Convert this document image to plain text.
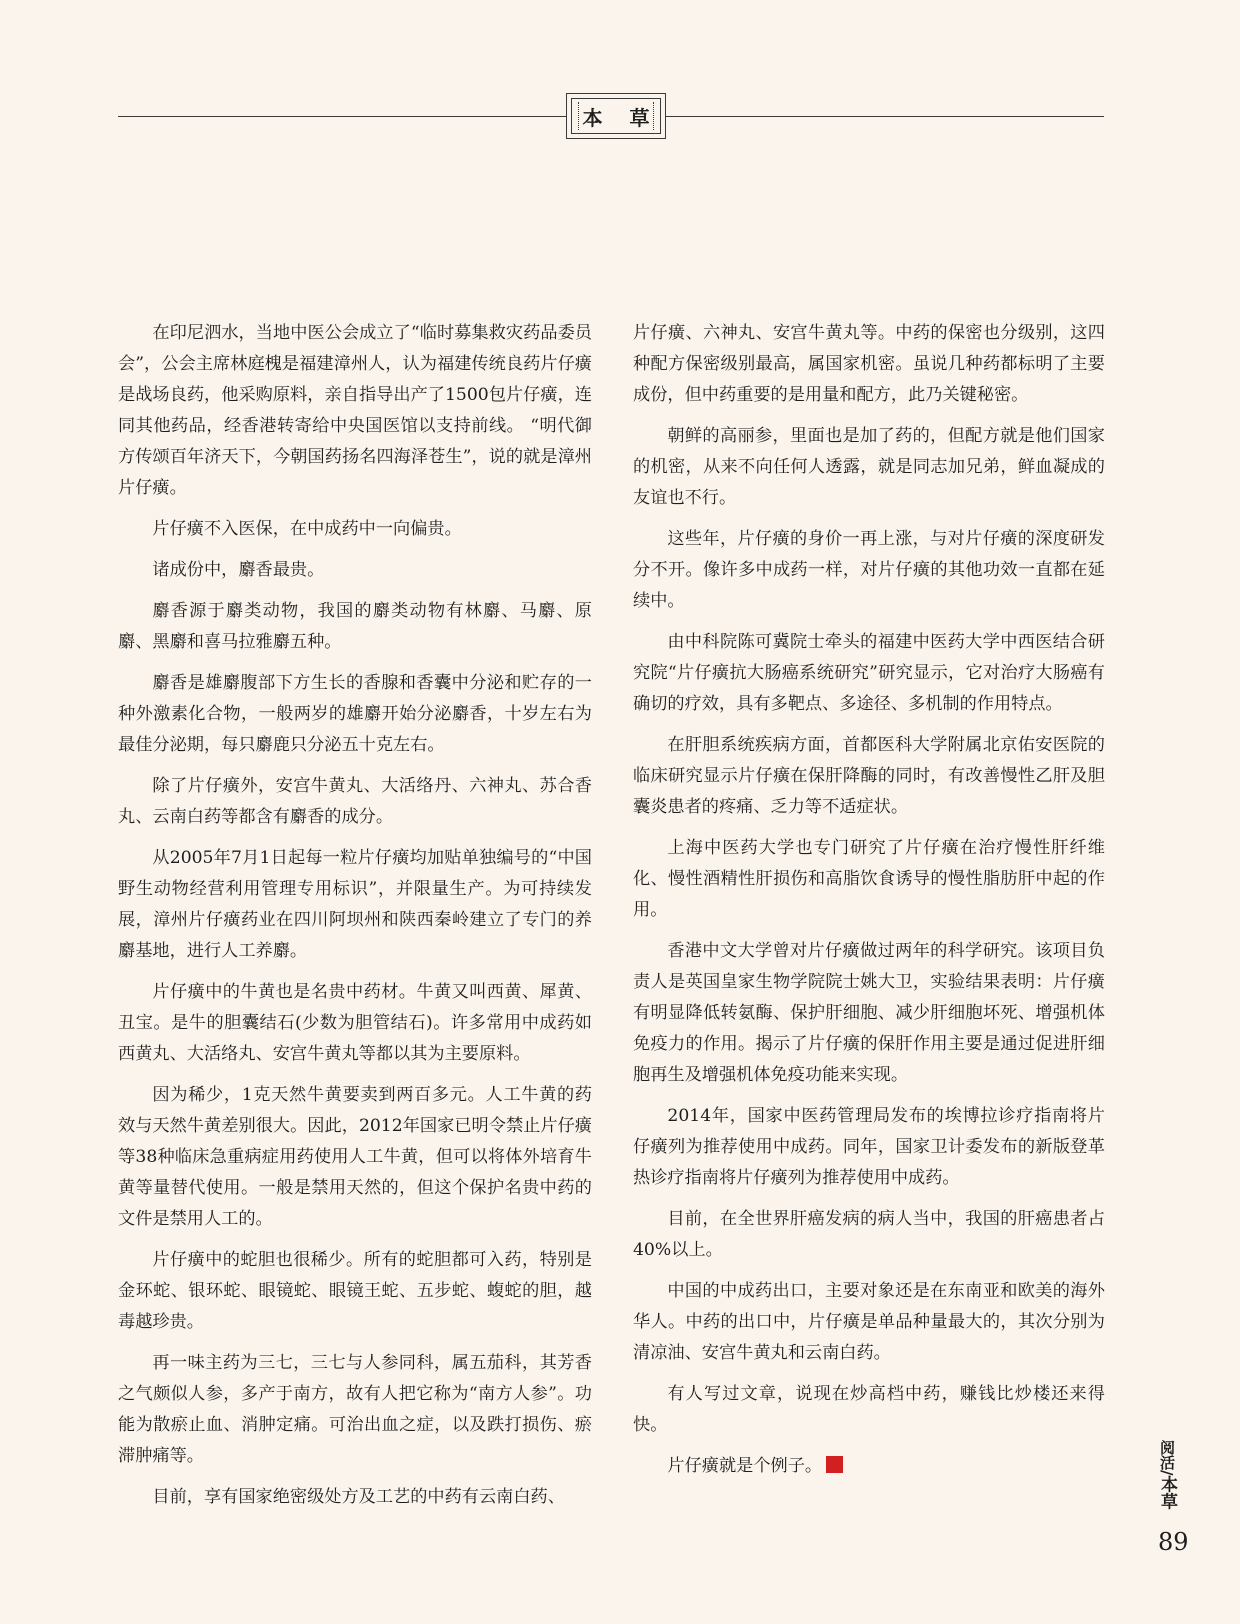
本 草

在印尼泗水，当地中医公会成立了“临时募集救灾药品委员会”，公会主席林庭槐是福建漳州人，认为福建传统良药片仔癀是战场良药，他采购原料，亲自指导出产了1500包片仔癀，连同其他药品，经香港转寄给中央国医馆以支持前线。 “明代御方传颂百年济天下，今朝国药扬名四海泽苍生”，说的就是漳州片仔癀。

片仔癀不入医保，在中成药中一向偏贵。

诸成份中，麝香最贵。

麝香源于麝类动物，我国的麝类动物有林麝、马麝、原麝、黑麝和喜马拉雅麝五种。

麝香是雄麝腹部下方生长的香腺和香囊中分泌和贮存的一种外激素化合物，一般两岁的雄麝开始分泌麝香，十岁左右为最佳分泌期，每只麝鹿只分泌五十克左右。

除了片仔癀外，安宫牛黄丸、大活络丹、六神丸、苏合香丸、云南白药等都含有麝香的成分。

从2005年7月1日起每一粒片仔癀均加贴单独编号的“中国野生动物经营利用管理专用标识”，并限量生产。为可持续发展，漳州片仔癀药业在四川阿坝州和陕西秦岭建立了专门的养麝基地，进行人工养麝。

片仔癀中的牛黄也是名贵中药材。牛黄又叫西黄、犀黄、丑宝。是牛的胆囊结石(少数为胆管结石)。许多常用中成药如西黄丸、大活络丸、安宫牛黄丸等都以其为主要原料。

因为稀少，1克天然牛黄要卖到两百多元。人工牛黄的药效与天然牛黄差别很大。因此，2012年国家已明令禁止片仔癀等38种临床急重病症用药使用人工牛黄，但可以将体外培育牛黄等量替代使用。一般是禁用天然的，但这个保护名贵中药的文件是禁用人工的。

片仔癀中的蛇胆也很稀少。所有的蛇胆都可入药，特别是金环蛇、银环蛇、眼镜蛇、眼镜王蛇、五步蛇、蝮蛇的胆，越毒越珍贵。

再一味主药为三七，三七与人参同科，属五茄科，其芳香之气颇似人参，多产于南方，故有人把它称为“南方人参”。功能为散瘀止血、消肿定痛。可治出血之症，以及跌打损伤、瘀滞肿痛等。

目前，享有国家绝密级处方及工艺的中药有云南白药、

片仔癀、六神丸、安宫牛黄丸等。中药的保密也分级别，这四种配方保密级别最高，属国家机密。虽说几种药都标明了主要成份，但中药重要的是用量和配方，此乃关键秘密。

朝鲜的高丽参，里面也是加了药的，但配方就是他们国家的机密，从来不向任何人透露，就是同志加兄弟，鲜血凝成的友谊也不行。

这些年，片仔癀的身价一再上涨，与对片仔癀的深度研发分不开。像许多中成药一样，对片仔癀的其他功效一直都在延续中。

由中科院陈可冀院士牵头的福建中医药大学中西医结合研究院“片仔癀抗大肠癌系统研究”研究显示，它对治疗大肠癌有确切的疗效，具有多靶点、多途径、多机制的作用特点。

在肝胆系统疾病方面，首都医科大学附属北京佑安医院的临床研究显示片仔癀在保肝降酶的同时，有改善慢性乙肝及胆囊炎患者的疼痛、乏力等不适症状。

上海中医药大学也专门研究了片仔癀在治疗慢性肝纤维化、慢性酒精性肝损伤和高脂饮食诱导的慢性脂肪肝中起的作用。

香港中文大学曾对片仔癀做过两年的科学研究。该项目负责人是英国皇家生物学院院士姚大卫，实验结果表明：片仔癀有明显降低转氨酶、保护肝细胞、减少肝细胞坏死、增强机体免疫力的作用。揭示了片仔癀的保肝作用主要是通过促进肝细胞再生及增强机体免疫功能来实现。

2014年，国家中医药管理局发布的埃博拉诊疗指南将片仔癀列为推荐使用中成药。同年，国家卫计委发布的新版登革热诊疗指南将片仔癀列为推荐使用中成药。

目前，在全世界肝癌发病的病人当中，我国的肝癌患者占40%以上。

中国的中成药出口，主要对象还是在东南亚和欧美的海外华人。中药的出口中，片仔癀是单品种量最大的，其次分别为清凉油、安宫牛黄丸和云南白药。

有人写过文章，说现在炒高档中药，赚钱比炒楼还来得快。

片仔癀就是个例子。	阅活/本草
89
